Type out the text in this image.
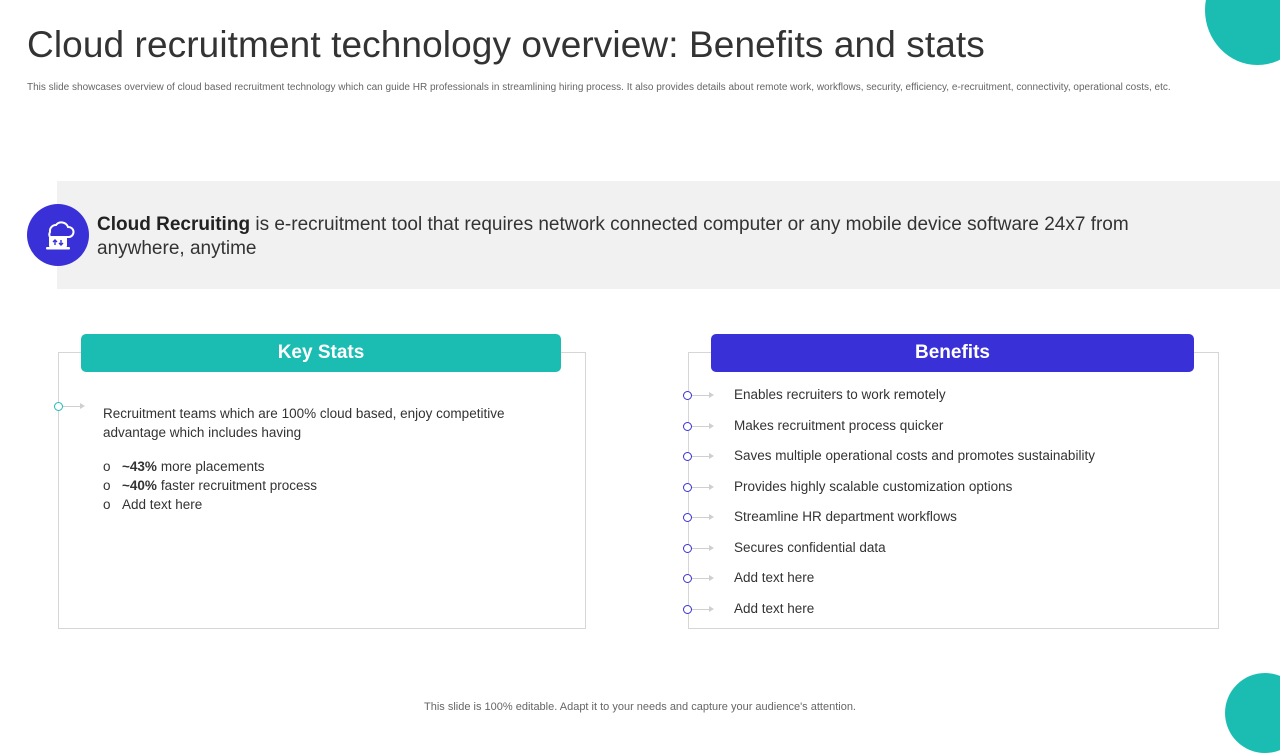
Cloud recruitment technology overview: Benefits and stats
This slide showcases overview of cloud based recruitment technology which can guide HR professionals in streamlining hiring process. It also provides details about remote work, workflows, security, efficiency, e-recruitment, connectivity, operational costs, etc.
Cloud Recruiting is e-recruitment tool that requires network connected computer or any mobile device software 24x7 from anywhere, anytime
Key Stats
Recruitment teams which are 100% cloud based, enjoy competitive advantage which includes having
o ~43% more placements
o ~40% faster recruitment process
o Add text here
Benefits
Enables recruiters to work remotely
Makes recruitment process quicker
Saves multiple operational costs and promotes sustainability
Provides highly scalable customization options
Streamline HR department workflows
Secures confidential data
Add text here
Add text here
This slide is 100% editable. Adapt it to your needs and capture your audience's attention.
